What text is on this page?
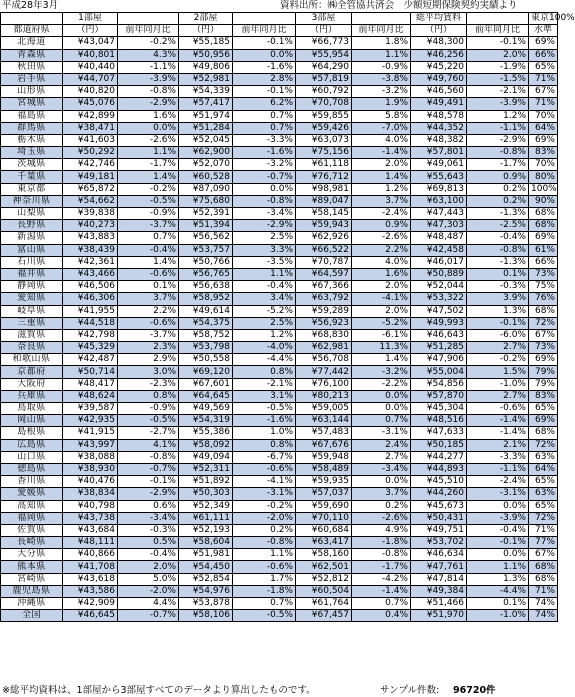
平成28年3月	資料出所：㈱全管協共済会　少額短期保険契約実績より
	1部屋		2部屋		3部屋		総平均賃料		東京100%
都道府県	（円）	前年同月比	（円）	前年同月比	（円）	前年同月比	（円）	前年同月比	水準
北海道	¥43,047	-0.2%	¥55,185	-0.1%	¥66,773	1.8%	¥48,300	-0.1%	69%
青森県	¥40,801	4.3%	¥50,956	0.0%	¥55,954	1.1%	¥46,256	2.0%	66%
秋田県	¥40,440	-1.1%	¥49,806	-1.6%	¥64,290	-0.9%	¥45,220	-1.9%	65%
岩手県	¥44,707	-3.9%	¥52,981	2.8%	¥57,819	-3.8%	¥49,760	-1.5%	71%
山形県	¥40,820	-0.8%	¥54,339	-0.1%	¥60,792	-3.2%	¥46,560	-2.1%	67%
宮城県	¥45,076	-2.9%	¥57,417	6.2%	¥70,708	1.9%	¥49,491	-3.9%	71%
福島県	¥42,899	1.6%	¥51,974	0.7%	¥59,855	5.8%	¥48,578	1.2%	70%
群馬県	¥38,471	0.0%	¥51,284	0.7%	¥59,426	-7.0%	¥44,352	-1.1%	64%
栃木県	¥41,603	-2.6%	¥52,045	-3.3%	¥63,073	4.0%	¥48,382	-2.9%	69%
埼玉県	¥50,292	1.1%	¥62,900	-1.6%	¥75,156	-1.4%	¥57,801	-0.8%	83%
茨城県	¥42,746	-1.7%	¥52,070	-3.2%	¥61,118	2.0%	¥49,061	-1.7%	70%
千葉県	¥49,181	1.4%	¥60,528	-0.7%	¥76,712	1.4%	¥55,643	0.9%	80%
東京都	¥65,872	-0.2%	¥87,090	0.0%	¥98,981	1.2%	¥69,813	0.2%	100%
神奈川県	¥54,662	-0.5%	¥75,680	-0.8%	¥89,047	3.7%	¥63,100	0.2%	90%
山梨県	¥39,838	-0.9%	¥52,391	-3.4%	¥58,145	-2.4%	¥47,443	-1.3%	68%
長野県	¥40,273	-3.7%	¥51,394	-2.9%	¥59,943	0.9%	¥47,303	-2.5%	68%
新潟県	¥43,883	0.7%	¥56,562	2.5%	¥62,926	-2.6%	¥48,487	-0.4%	69%
富山県	¥38,439	-0.4%	¥53,757	3.3%	¥66,522	2.2%	¥42,458	-0.8%	61%
石川県	¥42,361	1.4%	¥50,766	-3.5%	¥70,787	4.0%	¥46,017	-1.3%	66%
福井県	¥43,466	-0.6%	¥56,765	1.1%	¥64,597	1.6%	¥50,889	0.1%	73%
静岡県	¥46,506	0.1%	¥56,638	-0.4%	¥67,366	2.0%	¥52,044	-0.3%	75%
愛知県	¥46,306	3.7%	¥58,952	3.4%	¥63,792	-4.1%	¥53,322	3.9%	76%
岐阜県	¥41,955	2.2%	¥49,614	-5.2%	¥59,289	2.0%	¥47,502	1.3%	68%
三重県	¥44,518	-0.6%	¥54,375	2.5%	¥56,923	-5.2%	¥49,993	-0.1%	72%
滋賀県	¥42,798	-3.7%	¥58,752	1.2%	¥68,830	-6.1%	¥46,643	-6.0%	67%
奈良県	¥45,329	2.3%	¥53,798	-4.0%	¥62,981	11.3%	¥51,285	2.7%	73%
和歌山県	¥42,487	2.9%	¥50,558	-4.4%	¥56,708	1.4%	¥47,906	-0.2%	69%
京都府	¥50,714	3.0%	¥69,120	0.8%	¥77,442	-3.2%	¥55,004	1.5%	79%
大阪府	¥48,417	-2.3%	¥67,601	-2.1%	¥76,100	-2.2%	¥54,856	-1.0%	79%
兵庫県	¥48,624	0.8%	¥64,645	3.1%	¥80,213	0.0%	¥57,870	2.7%	83%
鳥取県	¥39,587	-0.9%	¥49,569	-0.5%	¥59,005	0.0%	¥45,304	-0.6%	65%
岡山県	¥42,935	-0.5%	¥54,319	-1.6%	¥63,144	0.7%	¥48,516	-1.4%	69%
島根県	¥41,915	-2.7%	¥55,386	1.0%	¥57,483	-3.1%	¥47,633	-1.4%	68%
広島県	¥43,997	4.1%	¥58,092	0.8%	¥67,676	2.4%	¥50,185	2.1%	72%
山口県	¥38,088	-0.8%	¥49,094	-6.7%	¥59,948	2.7%	¥44,277	-3.3%	63%
徳島県	¥38,930	-0.7%	¥52,311	-0.6%	¥58,489	-3.4%	¥44,893	-1.1%	64%
香川県	¥40,476	-0.1%	¥51,892	-4.1%	¥59,935	0.0%	¥45,510	-2.4%	65%
愛媛県	¥38,834	-2.9%	¥50,303	-3.1%	¥57,037	3.7%	¥44,260	-3.1%	63%
高知県	¥40,798	0.6%	¥52,349	-0.2%	¥59,690	0.2%	¥45,673	0.0%	65%
福岡県	¥43,738	-3.4%	¥61,111	-2.0%	¥70,110	-2.6%	¥50,431	-3.9%	72%
佐賀県	¥43,684	-0.3%	¥52,193	0.2%	¥60,684	4.9%	¥49,751	-0.4%	71%
長崎県	¥48,111	0.5%	¥58,604	-0.8%	¥63,417	-1.8%	¥53,702	-0.1%	77%
大分県	¥40,866	-0.4%	¥51,981	1.1%	¥58,160	-0.8%	¥46,634	0.0%	67%
熊本県	¥41,708	2.0%	¥54,450	-0.6%	¥62,501	-1.7%	¥47,761	1.1%	68%
宮崎県	¥43,618	5.0%	¥52,854	1.7%	¥52,812	-4.2%	¥47,814	1.3%	68%
鹿児島県	¥43,586	-2.0%	¥54,976	-1.8%	¥60,504	-1.4%	¥49,384	-4.4%	71%
沖縄県	¥42,909	4.4%	¥53,878	0.7%	¥61,764	0.7%	¥51,466	0.1%	74%
全国	¥46,645	-0.7%	¥58,106	-0.5%	¥67,457	0.4%	¥51,970	-1.0%	74%
※総平均資料は、1部屋から3部屋すべてのデータより算出したものです。	サンプル件数: 96720件
